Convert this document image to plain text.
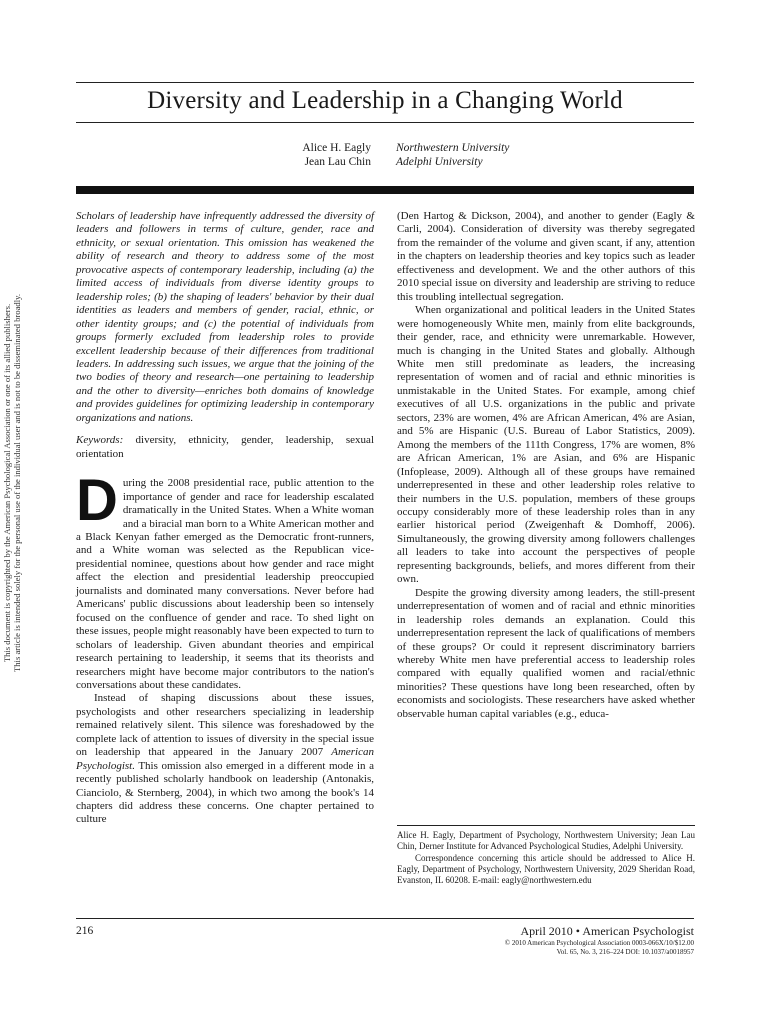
Diversity and Leadership in a Changing World
Alice H. Eagly Northwestern University
Jean Lau Chin Adelphi University

Scholars of leadership have infrequently addressed the diversity of leaders and followers in terms of culture, gender, race and ethnicity, or sexual orientation. This omission has weakened the ability of research and theory to address some of the most provocative aspects of contemporary leadership, including (a) the limited access of individuals from diverse identity groups to leadership roles; (b) the shaping of leaders' behavior by their dual identities as leaders and members of gender, racial, ethnic, or other identity groups; and (c) the potential of individuals from groups formerly excluded from leadership roles to provide excellent leadership because of their differences from traditional leaders. In addressing such issues, we argue that the joining of the two bodies of theory and research—one pertaining to leadership and the other to diversity—enriches both domains of knowledge and provides guidelines for optimizing leadership in contemporary organizations and nations.

Keywords: diversity, ethnicity, gender, leadership, sexual orientation

During the 2008 presidential race, public attention to the importance of gender and race for leadership escalated dramatically in the United States. When a White woman and a biracial man born to a White American mother and a Black Kenyan father emerged as the Democratic front-runners, and a White woman was selected as the Republican vice-presidential nominee, questions about how gender and race might affect the election and presidential leadership preoccupied journalists and dominated many conversations. Never before had Americans' public discussions about leadership been so intensely focused on the confluence of gender and race. To shed light on these issues, people might reasonably have been expected to turn to scholars of leadership. Given abundant theories and empirical research pertaining to leadership, it seems that its theorists and researchers might have become major contributors to the nation's conversations about these candidates.

Instead of shaping discussions about these issues, psychologists and other researchers specializing in leadership remained relatively silent. This silence was foreshadowed by the complete lack of attention to issues of diversity in the special issue on leadership that appeared in the January 2007 American Psychologist. This omission also emerged in a different mode in a recently published scholarly handbook on leadership (Antonakis, Cianciolo, & Sternberg, 2004), in which two among the book's 14 chapters did address these concerns. One chapter pertained to culture

(Den Hartog & Dickson, 2004), and another to gender (Eagly & Carli, 2004). Consideration of diversity was thereby segregated from the remainder of the volume and given scant, if any, attention in the chapters on leadership theories and key topics such as leader effectiveness and development. We and the other authors of this 2010 special issue on diversity and leadership are striving to reduce this troubling intellectual segregation.

When organizational and political leaders in the United States were homogeneously White men, mainly from elite backgrounds, their gender, race, and ethnicity were unremarkable. However, much is changing in the United States and globally. Although White men still predominate as leaders, the increasing representation of women and of racial and ethnic minorities is unmistakable in the United States. For example, among chief executives of all U.S. organizations in the public and private sectors, 23% are women, 4% are African American, 4% are Asian, and 5% are Hispanic (U.S. Bureau of Labor Statistics, 2009). Among the members of the 111th Congress, 17% are women, 8% are African American, 1% are Asian, and 6% are Hispanic (Infoplease, 2009). Although all of these groups have remained underrepresented in these and other leadership roles relative to their numbers in the U.S. population, members of these groups occupy considerably more of these leadership roles than in any earlier historical period (Zweigenhaft & Domhoff, 2006). Simultaneously, the growing diversity among followers challenges all leaders to take into account the perspectives of people representing backgrounds, beliefs, and mores different from their own.

Despite the growing diversity among leaders, the still-present underrepresentation of women and of racial and ethnic minorities in leadership roles demands an explanation. Could this underrepresentation represent the lack of qualifications of members of these groups? Or could it represent discriminatory barriers whereby White men have preferential access to leadership roles compared with equally qualified women and racial/ethnic minorities? These questions have long been researched, often by economists and sociologists. These researchers have asked whether observable human capital variables (e.g., educa-

Alice H. Eagly, Department of Psychology, Northwestern University; Jean Lau Chin, Derner Institute for Advanced Psychological Studies, Adelphi University.

Correspondence concerning this article should be addressed to Alice H. Eagly, Department of Psychology, Northwestern University, 2029 Sheridan Road, Evanston, IL 60208. E-mail: eagly@northwestern.edu

216	April 2010 • American Psychologist
© 2010 American Psychological Association 0003-066X/10/$12.00
Vol. 65, No. 3, 216–224 DOI: 10.1037/a0018957
This document is copyrighted by the American Psychological Association or one of its allied publishers. This article is intended solely for the personal use of the individual user and is not to be disseminated broadly.
